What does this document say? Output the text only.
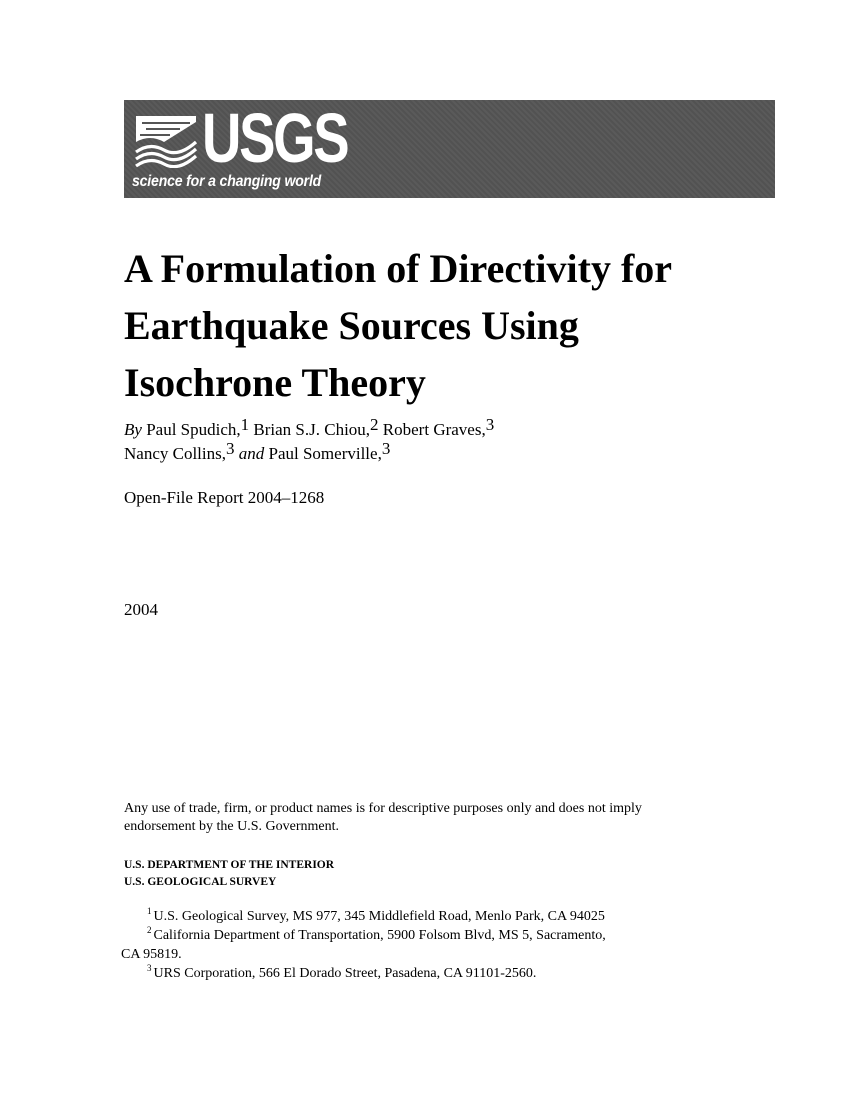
USGS
science for a changing world
A Formulation of Directivity for
Earthquake Sources Using
Isochrone Theory
By Paul Spudich,$^1$ Brian S.J. Chiou,$^2$ Robert Graves,$^3$
Nancy Collins,$^3$ and Paul Somerville,$^3$
Open-File Report 2004–1268
2004
Any use of trade, firm, or product names is for descriptive purposes only and does not imply endorsement by the U.S. Government.
U.S. DEPARTMENT OF THE INTERIOR
U.S. GEOLOGICAL SURVEY
$^1$ U.S. Geological Survey, MS 977, 345 Middlefield Road, Menlo Park, CA 94025
$^2$ California Department of Transportation, 5900 Folsom Blvd, MS 5, Sacramento,
CA 95819.
$^3$ URS Corporation, 566 El Dorado Street, Pasadena, CA 91101-2560.
